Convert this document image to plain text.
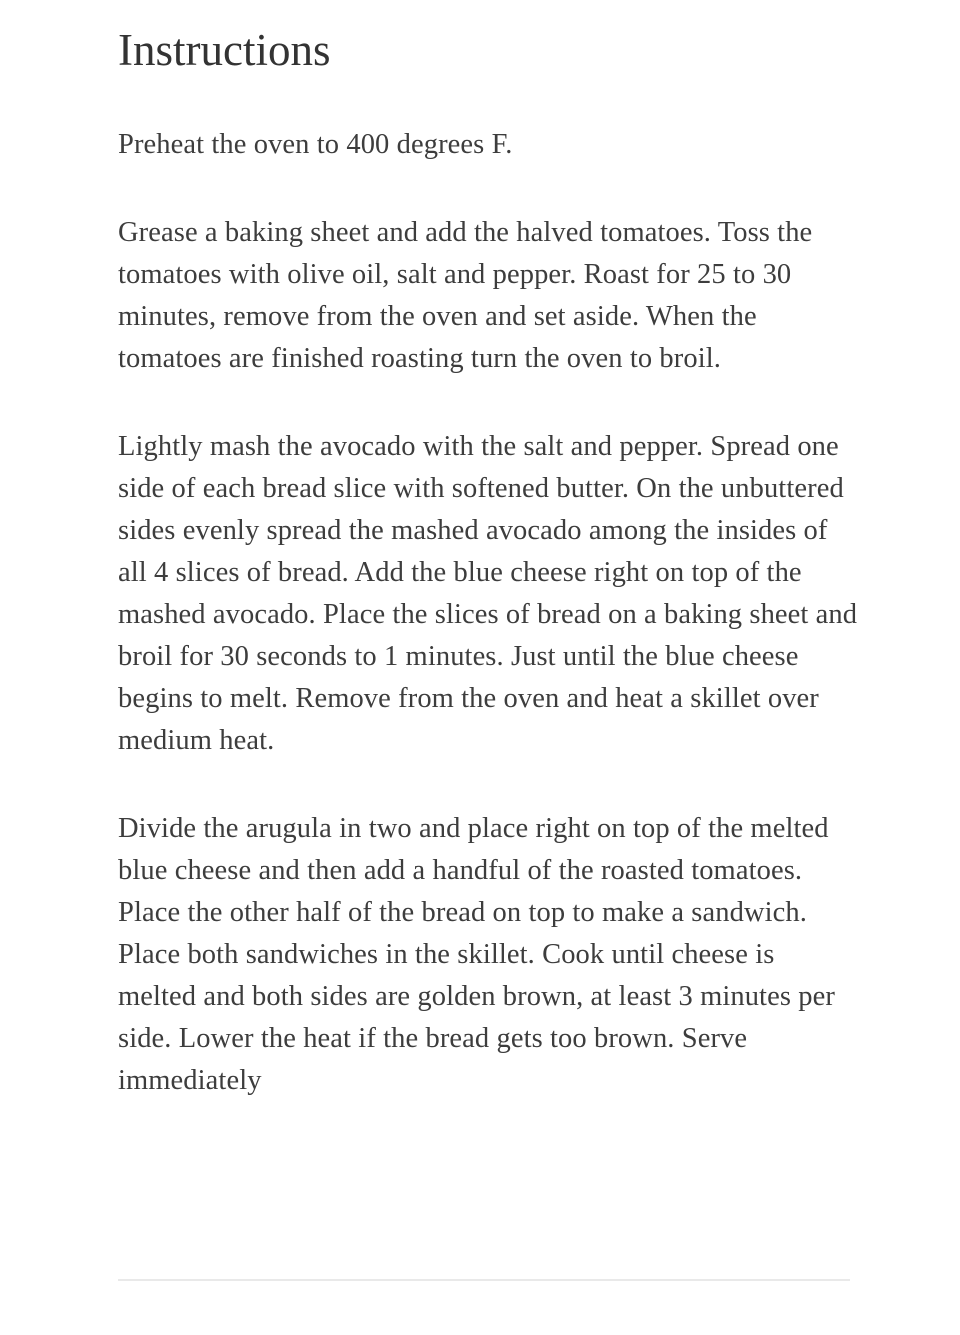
Instructions

Preheat the oven to 400 degrees F.

Grease a baking sheet and add the halved tomatoes. Toss the tomatoes with olive oil, salt and pepper. Roast for 25 to 30 minutes, remove from the oven and set aside. When the tomatoes are finished roasting turn the oven to broil.

Lightly mash the avocado with the salt and pepper. Spread one side of each bread slice with softened butter. On the unbuttered sides evenly spread the mashed avocado among the insides of all 4 slices of bread. Add the blue cheese right on top of the mashed avocado. Place the slices of bread on a baking sheet and broil for 30 seconds to 1 minutes. Just until the blue cheese begins to melt. Remove from the oven and heat a skillet over medium heat.

Divide the arugula in two and place right on top of the melted blue cheese and then add a handful of the roasted tomatoes. Place the other half of the bread on top to make a sandwich. Place both sandwiches in the skillet. Cook until cheese is melted and both sides are golden brown, at least 3 minutes per side. Lower the heat if the bread gets too brown. Serve immediately
